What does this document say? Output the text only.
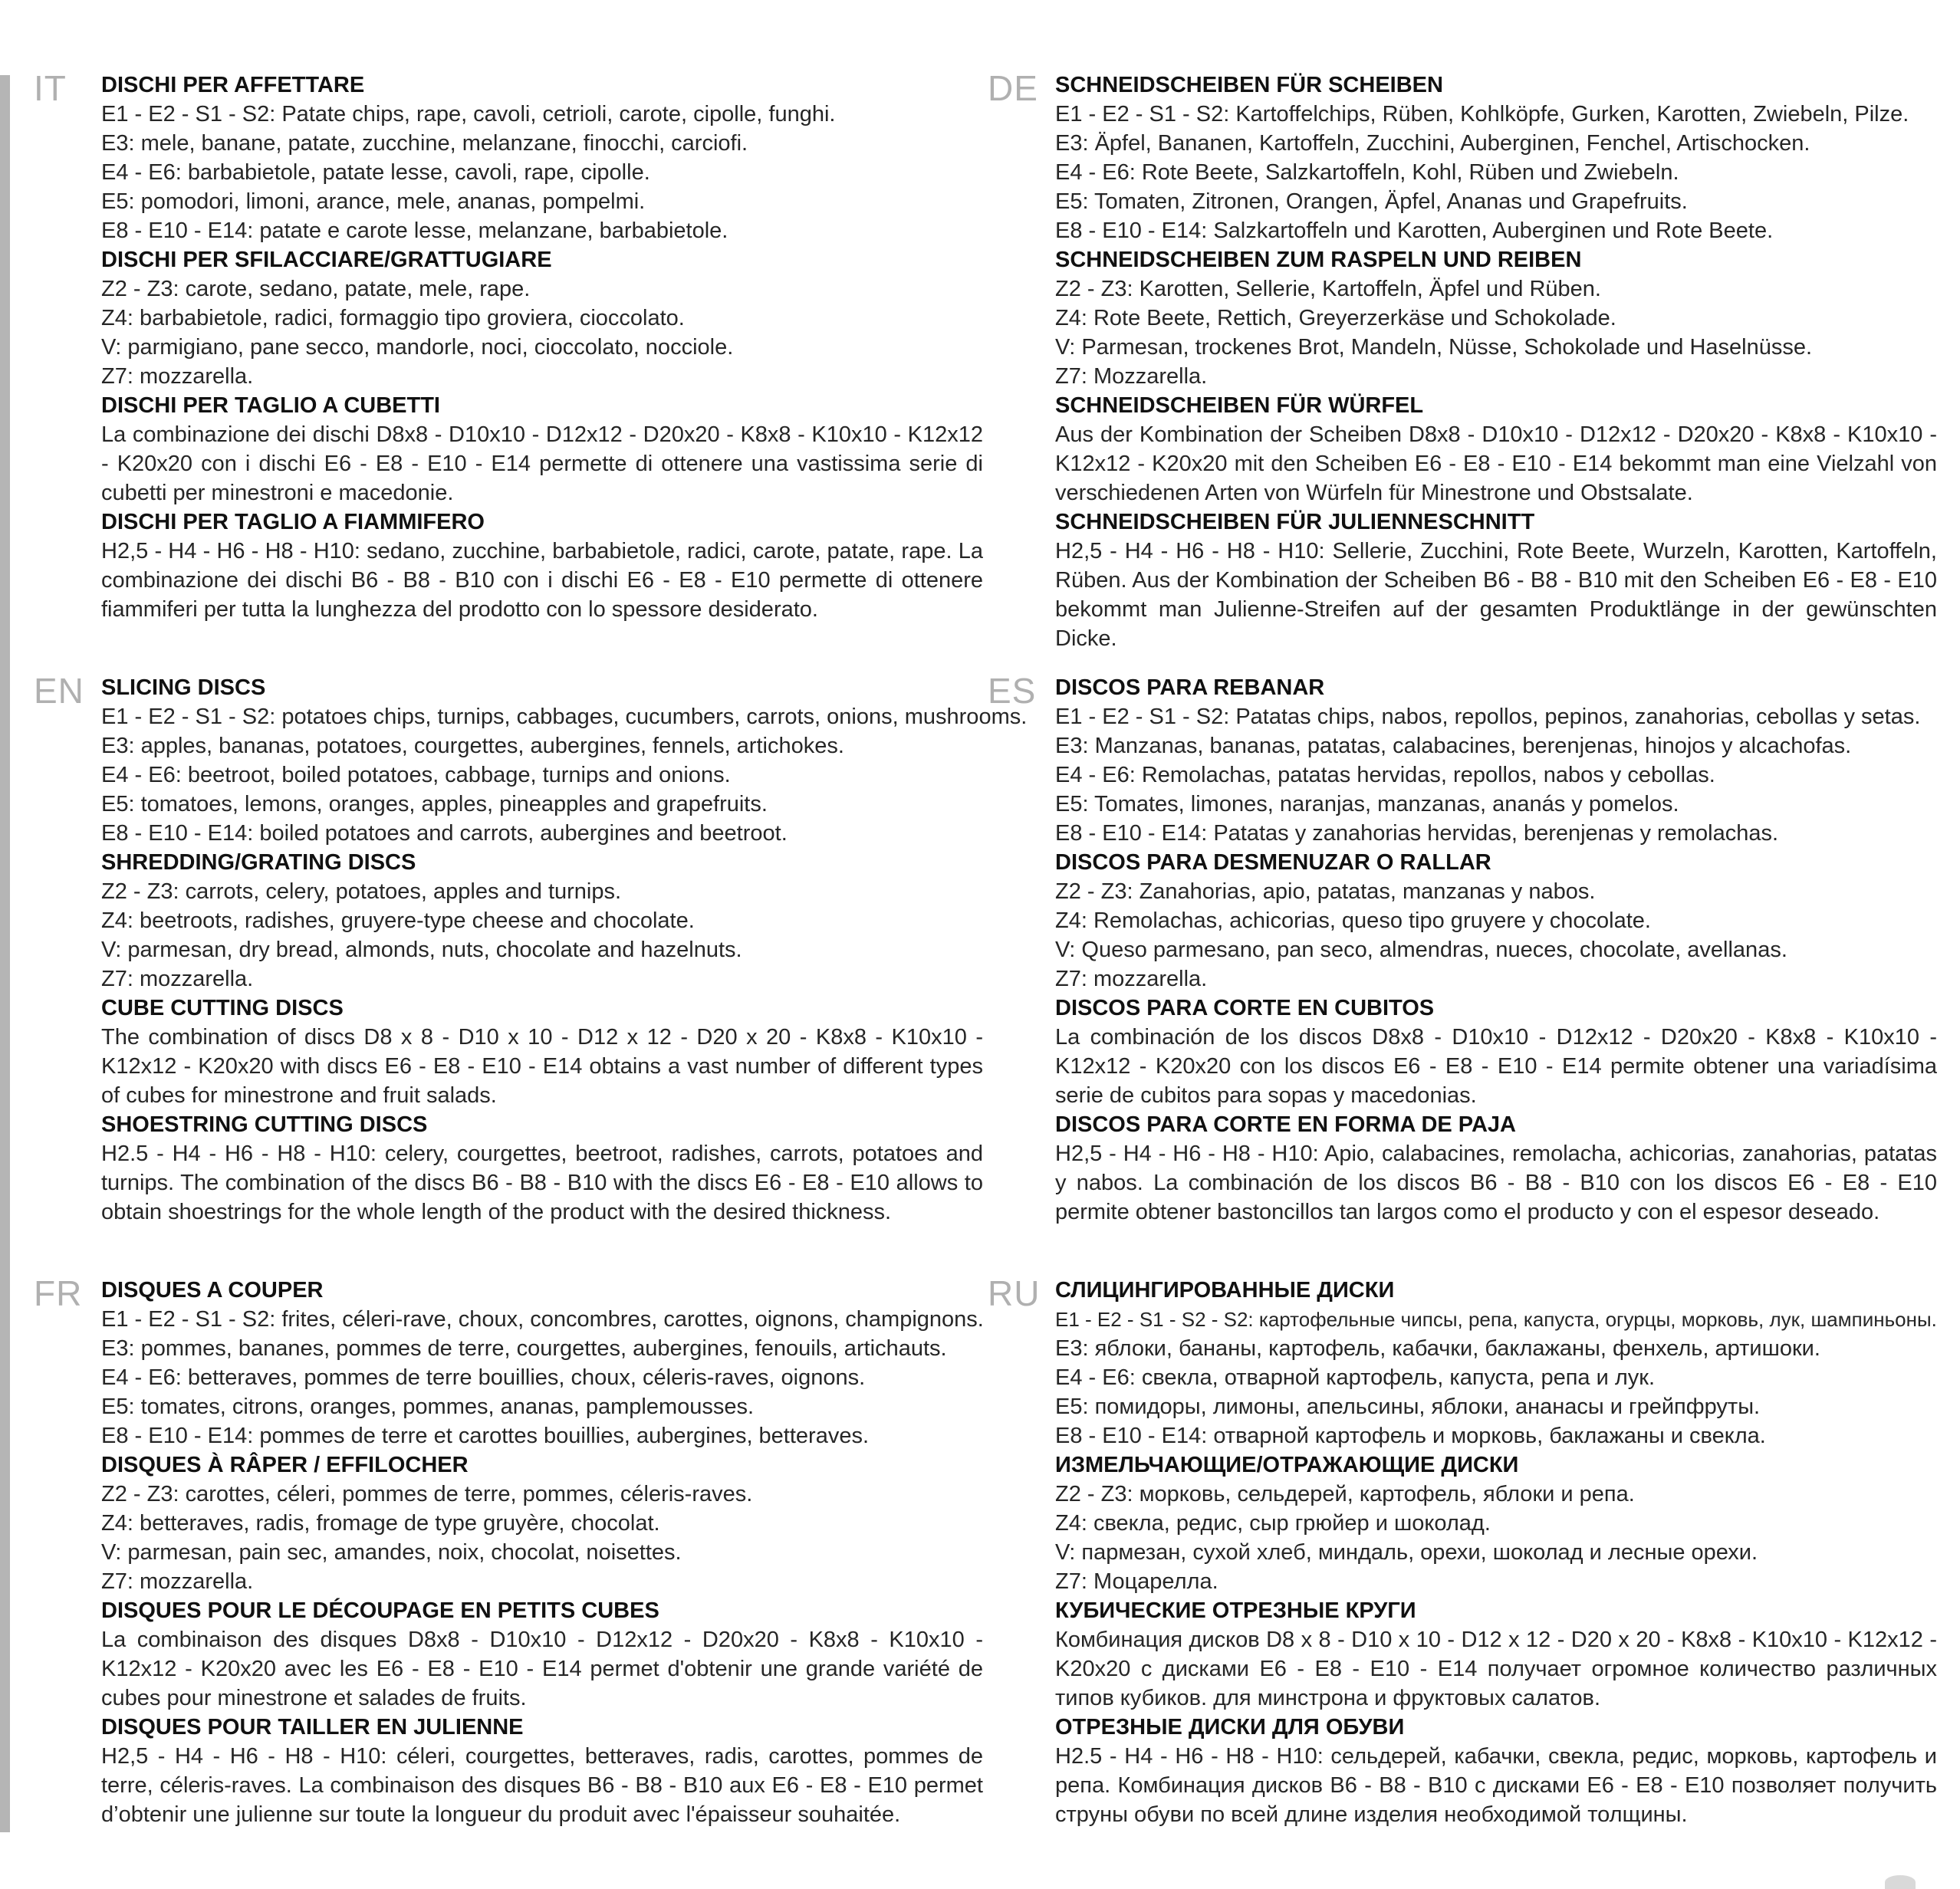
IT DISCHI PER AFFETTARE
E1 - E2 - S1 - S2: Patate chips, rape, cavoli, cetrioli, carote, cipolle, funghi.
E3: mele, banane, patate, zucchine, melanzane, finocchi, carciofi.
E4 - E6: barbabietole, patate lesse, cavoli, rape, cipolle.
E5: pomodori, limoni, arance, mele, ananas, pompelmi.
E8 - E10 - E14: patate e carote lesse, melanzane, barbabietole.
DISCHI PER SFILACCIARE/GRATTUGIARE
Z2 - Z3: carote, sedano, patate, mele, rape.
Z4: barbabietole, radici, formaggio tipo groviera, cioccolato.
V: parmigiano, pane secco, mandorle, noci, cioccolato, nocciole.
Z7: mozzarella.
DISCHI PER TAGLIO A CUBETTI
La combinazione dei dischi D8x8 - D10x10 - D12x12 - D20x20 - K8x8 - K10x10 - K12x12 - K20x20 con i dischi E6 - E8 - E10 - E14 permette di ottenere una vastissima serie di cubetti per minestroni e macedonie.
DISCHI PER TAGLIO A FIAMMIFERO
H2,5 - H4 - H6 - H8 - H10: sedano, zucchine, barbabietole, radici, carote, patate, rape. La combinazione dei dischi B6 - B8 - B10 con i dischi E6 - E8 - E10 permette di ottenere fiammiferi per tutta la lunghezza del prodotto con lo spessore desiderato.
EN SLICING DISCS
E1 - E2 - S1 - S2: potatoes chips, turnips, cabbages, cucumbers, carrots, onions, mushrooms.
E3: apples, bananas, potatoes, courgettes, aubergines, fennels, artichokes.
E4 - E6: beetroot, boiled potatoes, cabbage, turnips and onions.
E5: tomatoes, lemons, oranges, apples, pineapples and grapefruits.
E8 - E10 - E14: boiled potatoes and carrots, aubergines and beetroot.
SHREDDING/GRATING DISCS
Z2 - Z3: carrots, celery, potatoes, apples and turnips.
Z4: beetroots, radishes, gruyere-type cheese and chocolate.
V: parmesan, dry bread, almonds, nuts, chocolate and hazelnuts.
Z7: mozzarella.
CUBE CUTTING DISCS
The combination of discs D8 x 8 - D10 x 10 - D12 x 12 - D20 x 20 - K8x8 - K10x10 - K12x12 - K20x20 with discs E6 - E8 - E10 - E14 obtains a vast number of different types of cubes for minestrone and fruit salads.
SHOESTRING CUTTING DISCS
H2.5 - H4 - H6 - H8 - H10: celery, courgettes, beetroot, radishes, carrots, potatoes and turnips. The combination of the discs B6 - B8 - B10 with the discs E6 - E8 - E10 allows to obtain shoestrings for the whole length of the product with the desired thickness.
FR DISQUES A COUPER
E1 - E2 - S1 - S2: frites, céleri-rave, choux, concombres, carottes, oignons, champignons.
E3: pommes, bananes, pommes de terre, courgettes, aubergines, fenouils, artichauts.
E4 - E6: betteraves, pommes de terre bouillies, choux, céleris-raves, oignons.
E5: tomates, citrons, oranges, pommes, ananas, pamplemousses.
E8 - E10 - E14: pommes de terre et carottes bouillies, aubergines, betteraves.
DISQUES À RÂPER / EFFILOCHER
Z2 - Z3: carottes, céleri, pommes de terre, pommes, céleris-raves.
Z4: betteraves, radis, fromage de type gruyère, chocolat.
V: parmesan, pain sec, amandes, noix, chocolat, noisettes.
Z7: mozzarella.
DISQUES POUR LE DÉCOUPAGE EN PETITS CUBES
La combinaison des disques D8x8 - D10x10 - D12x12 - D20x20 - K8x8 - K10x10 - K12x12 - K20x20 avec les E6 - E8 - E10 - E14 permet d'obtenir une grande variété de cubes pour minestrone et salades de fruits.
DISQUES POUR TAILLER EN JULIENNE
H2,5 - H4 - H6 - H8 - H10: céleri, courgettes, betteraves, radis, carottes, pommes de terre, céleris-raves. La combinaison des disques B6 - B8 - B10 aux E6 - E8 - E10 permet d’obtenir une julienne sur toute la longueur du produit avec l'épaisseur souhaitée.
DE SCHNEIDSCHEIBEN FÜR SCHEIBEN
E1 - E2 - S1 - S2: Kartoffelchips, Rüben, Kohlköpfe, Gurken, Karotten, Zwiebeln, Pilze.
E3: Äpfel, Bananen, Kartoffeln, Zucchini, Auberginen, Fenchel, Artischocken.
E4 - E6: Rote Beete, Salzkartoffeln, Kohl, Rüben und Zwiebeln.
E5: Tomaten, Zitronen, Orangen, Äpfel, Ananas und Grapefruits.
E8 - E10 - E14: Salzkartoffeln und Karotten, Auberginen und Rote Beete.
SCHNEIDSCHEIBEN ZUM RASPELN UND REIBEN
Z2 - Z3: Karotten, Sellerie, Kartoffeln, Äpfel und Rüben.
Z4: Rote Beete, Rettich, Greyerzerkäse und Schokolade.
V: Parmesan, trockenes Brot, Mandeln, Nüsse, Schokolade und Haselnüsse.
Z7: Mozzarella.
SCHNEIDSCHEIBEN FÜR WÜRFEL
Aus der Kombination der Scheiben D8x8 - D10x10 - D12x12 - D20x20 - K8x8 - K10x10 - K12x12 - K20x20 mit den Scheiben E6 - E8 - E10 - E14 bekommt man eine Vielzahl von verschiedenen Arten von Würfeln für Minestrone und Obstsalate.
SCHNEIDSCHEIBEN FÜR JULIENNESCHNITT
H2,5 - H4 - H6 - H8 - H10: Sellerie, Zucchini, Rote Beete, Wurzeln, Karotten, Kartoffeln, Rüben. Aus der Kombination der Scheiben B6 - B8 - B10 mit den Scheiben E6 - E8 - E10 bekommt man Julienne-Streifen auf der gesamten Produktlänge in der gewünschten Dicke.
ES DISCOS PARA REBANAR
E1 - E2 - S1 - S2: Patatas chips, nabos, repollos, pepinos, zanahorias, cebollas y setas.
E3: Manzanas, bananas, patatas, calabacines, berenjenas, hinojos y alcachofas.
E4 - E6: Remolachas, patatas hervidas, repollos, nabos y cebollas.
E5: Tomates, limones, naranjas, manzanas, ananás y pomelos.
E8 - E10 - E14: Patatas y zanahorias hervidas, berenjenas y remolachas.
DISCOS PARA DESMENUZAR O RALLAR
Z2 - Z3: Zanahorias, apio, patatas, manzanas y nabos.
Z4: Remolachas, achicorias, queso tipo gruyere y chocolate.
V: Queso parmesano, pan seco, almendras, nueces, chocolate, avellanas.
Z7: mozzarella.
DISCOS PARA CORTE EN CUBITOS
La combinación de los discos D8x8 - D10x10 - D12x12 - D20x20 - K8x8 - K10x10 - K12x12 - K20x20 con los discos E6 - E8 - E10 - E14 permite obtener una variadísima serie de cubitos para sopas y macedonias.
DISCOS PARA CORTE EN FORMA DE PAJA
H2,5 - H4 - H6 - H8 - H10: Apio, calabacines, remolacha, achicorias, zanahorias, patatas y nabos. La combinación de los discos B6 - B8 - B10 con los discos E6 - E8 - E10 permite obtener bastoncillos tan largos como el producto y con el espesor deseado.
RU СЛИЦИНГИРОВАННЫЕ ДИСКИ
E1 - E2 - S1 - S2 - S2: картофельные чипсы, репа, капуста, огурцы, морковь, лук, шампиньоны.
E3: яблоки, бананы, картофель, кабачки, баклажаны, фенхель, артишоки.
E4 - E6: свекла, отварной картофель, капуста, репа и лук.
E5: помидоры, лимоны, апельсины, яблоки, ананасы и грейпфруты.
E8 - E10 - E14: отварной картофель и морковь, баклажаны и свекла.
ИЗМЕЛЬЧАЮЩИЕ/ОТРАЖАЮЩИЕ ДИСКИ
Z2 - Z3: морковь, сельдерей, картофель, яблоки и репа.
Z4: свекла, редис, сыр грюйер и шоколад.
V: пармезан, сухой хлеб, миндаль, орехи, шоколад и лесные орехи.
Z7: Моцарелла.
КУБИЧЕСКИЕ ОТРЕЗНЫЕ КРУГИ
Комбинация дисков D8 x 8 - D10 x 10 - D12 x 12 - D20 x 20 - K8x8 - K10x10 - K12x12 - K20x20 с дисками E6 - E8 - E10 - E14 получает огромное количество различных типов кубиков. для минстрона и фруктовых салатов.
ОТРЕЗНЫЕ ДИСКИ ДЛЯ ОБУВИ
H2.5 - H4 - H6 - H8 - H10: сельдерей, кабачки, свекла, редис, морковь, картофель и репа. Комбинация дисков B6 - B8 - B10 с дисками E6 - E8 - E10 позволяет получить струны обуви по всей длине изделия необходимой толщины.
